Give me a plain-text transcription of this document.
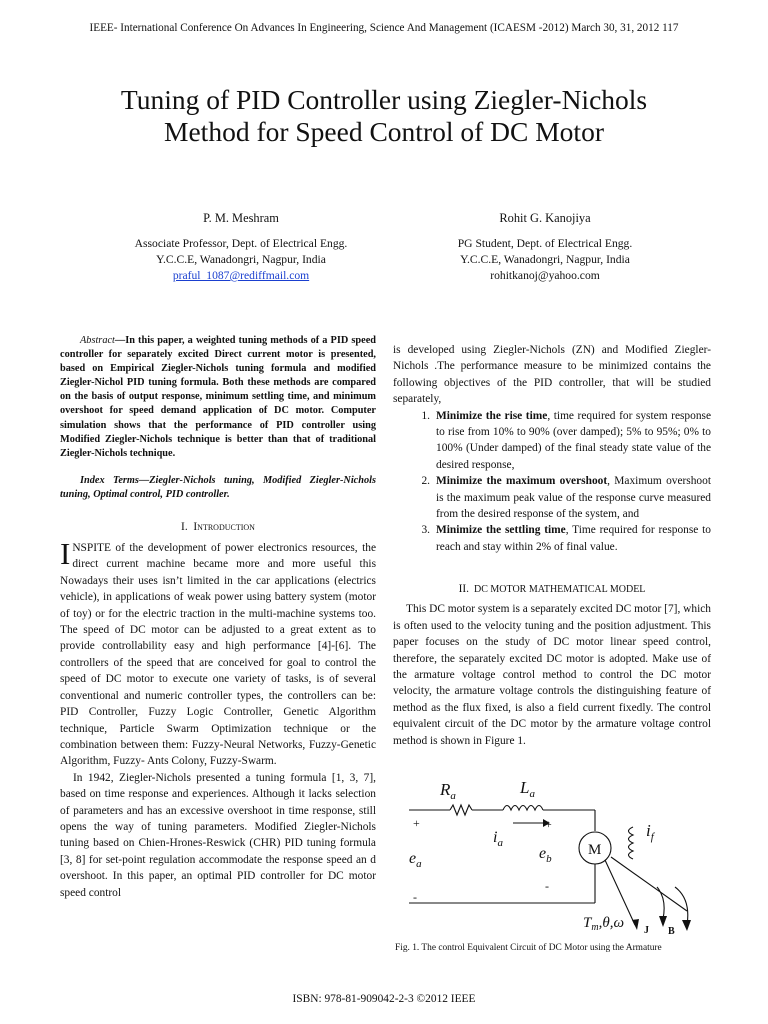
IEEE- International Conference On Advances In Engineering, Science And Management (ICAESM -2012) March 30, 31, 2012 117
Tuning of PID Controller using Ziegler-Nichols
Method for Speed Control of DC Motor
P. M. Meshram
Associate Professor, Dept. of Electrical Engg.
Y.C.C.E, Wanadongri, Nagpur, India
praful_1087@rediffmail.com
Rohit G. Kanojiya
PG Student, Dept. of Electrical Engg.
Y.C.C.E, Wanadongri, Nagpur, India
rohitkanoj@yahoo.com
Abstract—In this paper, a weighted tuning methods of a PID speed controller for separately excited Direct current motor is presented, based on Empirical Ziegler-Nichols tuning formula and modified Ziegler-Nichol PID tuning formula. Both these methods are compared on the basis of output response, minimum settling time, and minimum overshoot for speed demand application of DC motor. Computer simulation shows that the performance of PID controller using Modified Ziegler-Nichols technique is better than that of traditional Ziegler-Nichols technique.
Index Terms—Ziegler-Nichols tuning, Modified Ziegler-Nichols tuning, Optimal control, PID controller.
I. Introduction
INSPITE of the development of power electronics resources, the direct current machine became more and more useful this Nowadays their uses isn’t limited in the car applications (electrics vehicle), in applications of weak power using battery system (motor of toy) or for the electric traction in the multi-machine systems too. The speed of DC motor can be adjusted to a great extent as to provide controllability easy and high performance [4]-[6]. The controllers of the speed that are conceived for goal to control the speed of DC motor to execute one variety of tasks, is of several conventional and numeric controller types, the controllers can be: PID Controller, Fuzzy Logic Controller, Genetic Algorithm technique, Particle Swarm Optimization technique or the combination between them: Fuzzy-Neural Networks, Fuzzy-Genetic Algorithm, Fuzzy- Ants Colony, Fuzzy-Swarm.

In 1942, Ziegler-Nichols presented a tuning formula [1, 3, 7], based on time response and experiences. Although it lacks selection of parameters and has an excessive overshoot in time response, still opens the way of tuning parameters. Modified Ziegler-Nichols tuning based on Chien-Hrones-Reswick (CHR) PID tuning formula [3, 8] for set-point regulation accommodate the response speed an d overshoot. In this paper, an optimal PID controller for DC motor speed control

is developed using Ziegler-Nichols (ZN) and Modified Ziegler-Nichols .The performance measure to be minimized contains the following objectives of the PID controller, that will be studied separately,

1. Minimize the rise time, time required for system response to rise from 10% to 90% (over damped); 5% to 95%; 0% to 100% (Under damped) of the final steady state value of the desired response,
2. Minimize the maximum overshoot, Maximum overshoot is the maximum peak value of the response curve measured from the desired response of the system, and
3. Minimize the settling time, Time required for response to reach and stay within 2% of final value.
II. DC MOTOR MATHEMATICAL MODEL

This DC motor system is a separately excited DC motor [7], which is often used to the velocity tuning and the position adjustment. This paper focuses on the study of DC motor linear speed control, therefore, the separately excited DC motor is adopted. Make use of the armature voltage control method to control the DC motor velocity, the armature voltage controls the distinguishing feature of method as the flux fixed, is also a field current fixedly. The control equivalent circuit of the DC motor by the armature voltage control method is shown in Figure 1.

$R_a$	$L_a$
$i_f$
$i_a$
$e_a$
$e_b$
M
+	+
-
-
$T_m,\theta,\omega$ J B
Fig. 1. The control Equivalent Circuit of DC Motor using the Armature
ISBN: 978-81-909042-2-3 ©2012 IEEE
